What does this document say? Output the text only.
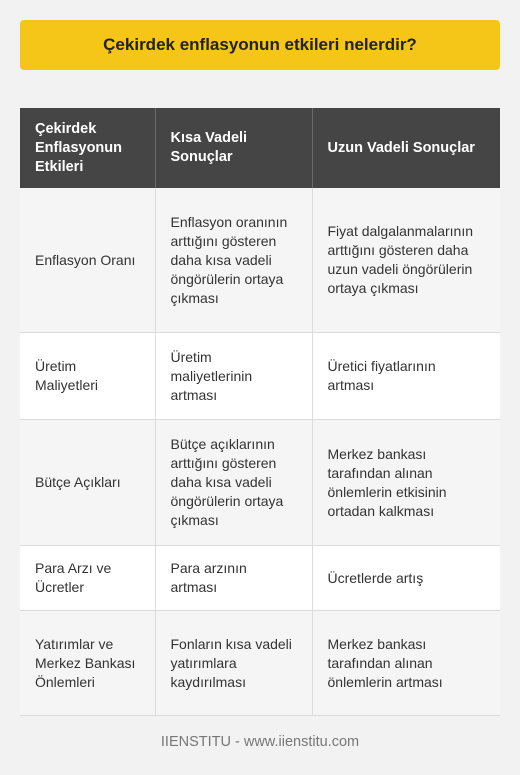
Çekirdek enflasyonun etkileri nelerdir?
Çekirdek Enflasyonun Etkileri	Kısa Vadeli Sonuçlar	Uzun Vadeli Sonuçlar
Enflasyon Oranı	Enflasyon oranının arttığını gösteren daha kısa vadeli öngörülerin ortaya çıkması	Fiyat dalgalanmalarının arttığını gösteren daha uzun vadeli öngörülerin ortaya çıkması
Üretim Maliyetleri	Üretim maliyetlerinin artması	Üretici fiyatlarının artması
Bütçe Açıkları	Bütçe açıklarının arttığını gösteren daha kısa vadeli öngörülerin ortaya çıkması	Merkez bankası tarafından alınan önlemlerin etkisinin ortadan kalkması
Para Arzı ve Ücretler	Para arzının artması	Ücretlerde artış
Yatırımlar ve Merkez Bankası Önlemleri	Fonların kısa vadeli yatırımlara kaydırılması	Merkez bankası tarafından alınan önlemlerin artması
IIENSTITU - www.iienstitu.com
